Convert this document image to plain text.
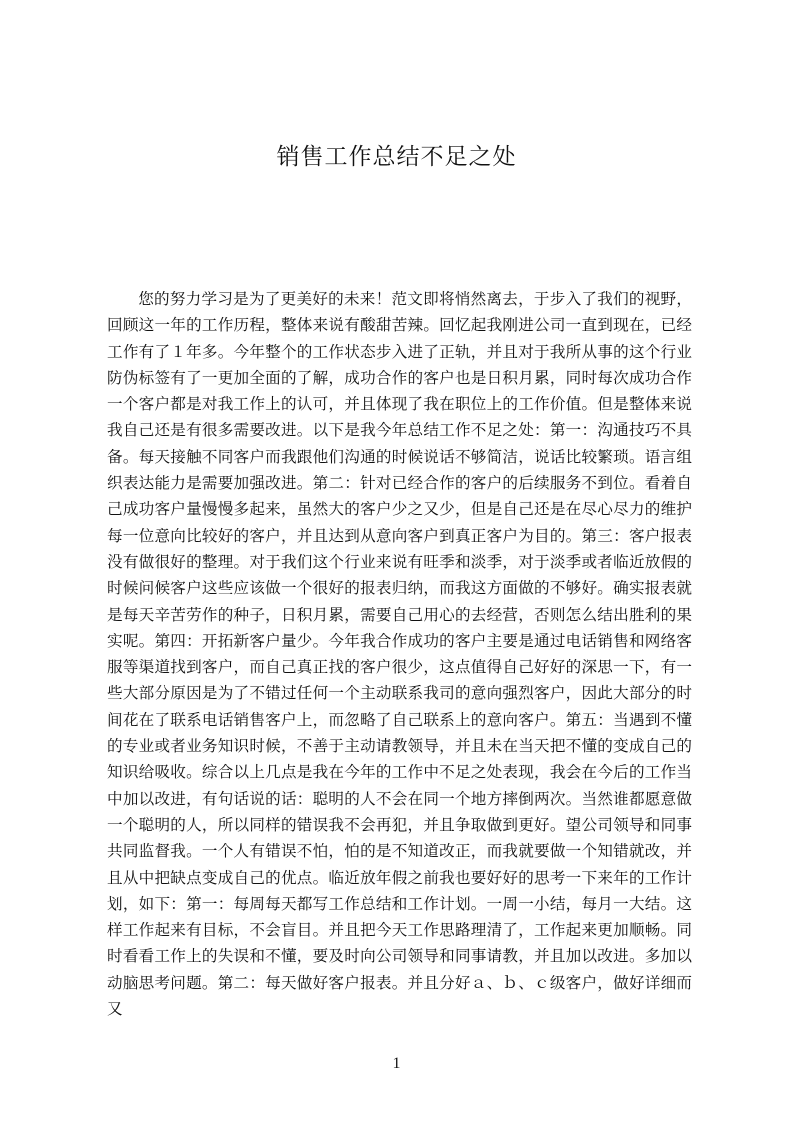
销售工作总结不足之处

您的努力学习是为了更美好的未来！范文即将悄然离去，于步入了我们的视野，回顾这一年的工作历程，整体来说有酸甜苦辣。回忆起我刚进公司一直到现在，已经工作有了１年多。今年整个的工作状态步入进了正轨，并且对于我所从事的这个行业防伪标签有了一更加全面的了解，成功合作的客户也是日积月累，同时每次成功合作一个客户都是对我工作上的认可，并且体现了我在职位上的工作价值。但是整体来说我自己还是有很多需要改进。以下是我今年总结工作不足之处：第一：沟通技巧不具备。每天接触不同客户而我跟他们沟通的时候说话不够简洁，说话比较繁琐。语言组织表达能力是需要加强改进。第二：针对已经合作的客户的后续服务不到位。看着自己成功客户量慢慢多起来，虽然大的客户少之又少，但是自己还是在尽心尽力的维护每一位意向比较好的客户，并且达到从意向客户到真正客户为目的。第三：客户报表没有做很好的整理。对于我们这个行业来说有旺季和淡季，对于淡季或者临近放假的时候问候客户这些应该做一个很好的报表归纳，而我这方面做的不够好。确实报表就是每天辛苦劳作的种子，日积月累，需要自己用心的去经营，否则怎么结出胜利的果实呢。第四：开拓新客户量少。今年我合作成功的客户主要是通过电话销售和网络客服等渠道找到客户，而自己真正找的客户很少，这点值得自己好好的深思一下，有一些大部分原因是为了不错过任何一个主动联系我司的意向强烈客户，因此大部分的时间花在了联系电话销售客户上，而忽略了自己联系上的意向客户。第五：当遇到不懂的专业或者业务知识时候，不善于主动请教领导，并且未在当天把不懂的变成自己的知识给吸收。综合以上几点是我在今年的工作中不足之处表现，我会在今后的工作当中加以改进，有句话说的话：聪明的人不会在同一个地方摔倒两次。当然谁都愿意做一个聪明的人，所以同样的错误我不会再犯，并且争取做到更好。望公司领导和同事共同监督我。一个人有错误不怕，怕的是不知道改正，而我就要做一个知错就改，并且从中把缺点变成自己的优点。临近放年假之前我也要好好的思考一下来年的工作计划，如下：第一：每周每天都写工作总结和工作计划。一周一小结，每月一大结。这样工作起来有目标，不会盲目。并且把今天工作思路理清了，工作起来更加顺畅。同时看看工作上的失误和不懂，要及时向公司领导和同事请教，并且加以改进。多加以动脑思考问题。第二：每天做好客户报表。并且分好ａ、ｂ、ｃ级客户，做好详细而又

1
